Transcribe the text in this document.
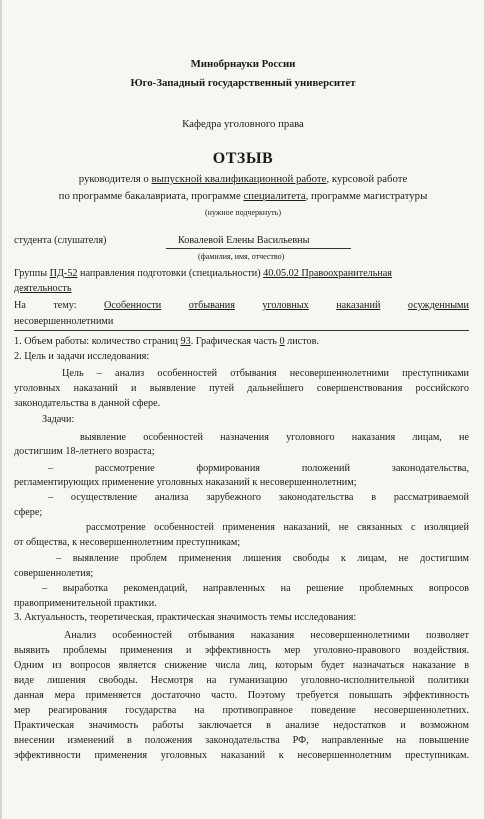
Минобрнауки России
Юго-Западный государственный университет
Кафедра уголовного права
ОТЗЫВ
руководителя о выпускной квалификационной работе, курсовой работе
по программе бакалавриата, программе специалитета, программе магистратуры
(нужное подчеркнуть)
студента (слушателя)	Ковалевой Елены Васильевны
(фамилия, имя, отчество)
Группы ПД-52 направления подготовки (специальности) 40.05.02 Правоохранительная
деятельность
На	тему:	Особенности	отбывания	уголовных	наказаний	осужденными
несовершеннолетними
1. Объем работы: количество страниц 93. Графическая часть 0 листов.
2. Цель и задачи исследования:
Цель – анализ особенностей отбывания несовершеннолетними преступниками
уголовных наказаний и выявление путей дальнейшего совершенствования российского
законодательства в данной сфере.
Задачи:
выявление особенностей назначения уголовного наказания лицам, не
достигшим 18-летнего возраста;
– рассмотрение формирования положений законодательства,
регламентирующих применение уголовных наказаний к несовершеннолетним;
– осуществление анализа зарубежного законодательства в рассматриваемой
сфере;
рассмотрение особенностей применения наказаний, не связанных с изоляцией
от общества, к несовершеннолетним преступникам;
– выявление проблем применения лишения свободы к лицам, не достигшим
совершеннолетия;
– выработка рекомендаций, направленных на решение проблемных вопросов
правоприменительной практики.
3. Актуальность, теоретическая, практическая значимость темы исследования:
Анализ особенностей отбывания наказания несовершеннолетними позволяет
выявить проблемы применения и эффективность мер уголовно-правового воздействия.
Одним из вопросов является снижение числа лиц, которым будет назначаться наказание в
виде лишения свободы. Несмотря на гуманизацию уголовно-исполнительной политики
данная мера применяется достаточно часто. Поэтому требуется повышать эффективность
мер реагирования государства на противоправное поведение несовершеннолетних.
Практическая значимость работы заключается в анализе недостатков и возможном
внесении изменений в положения законодательства РФ, направленные на повышение
эффективности применения уголовных наказаний к несовершеннолетним преступникам.
